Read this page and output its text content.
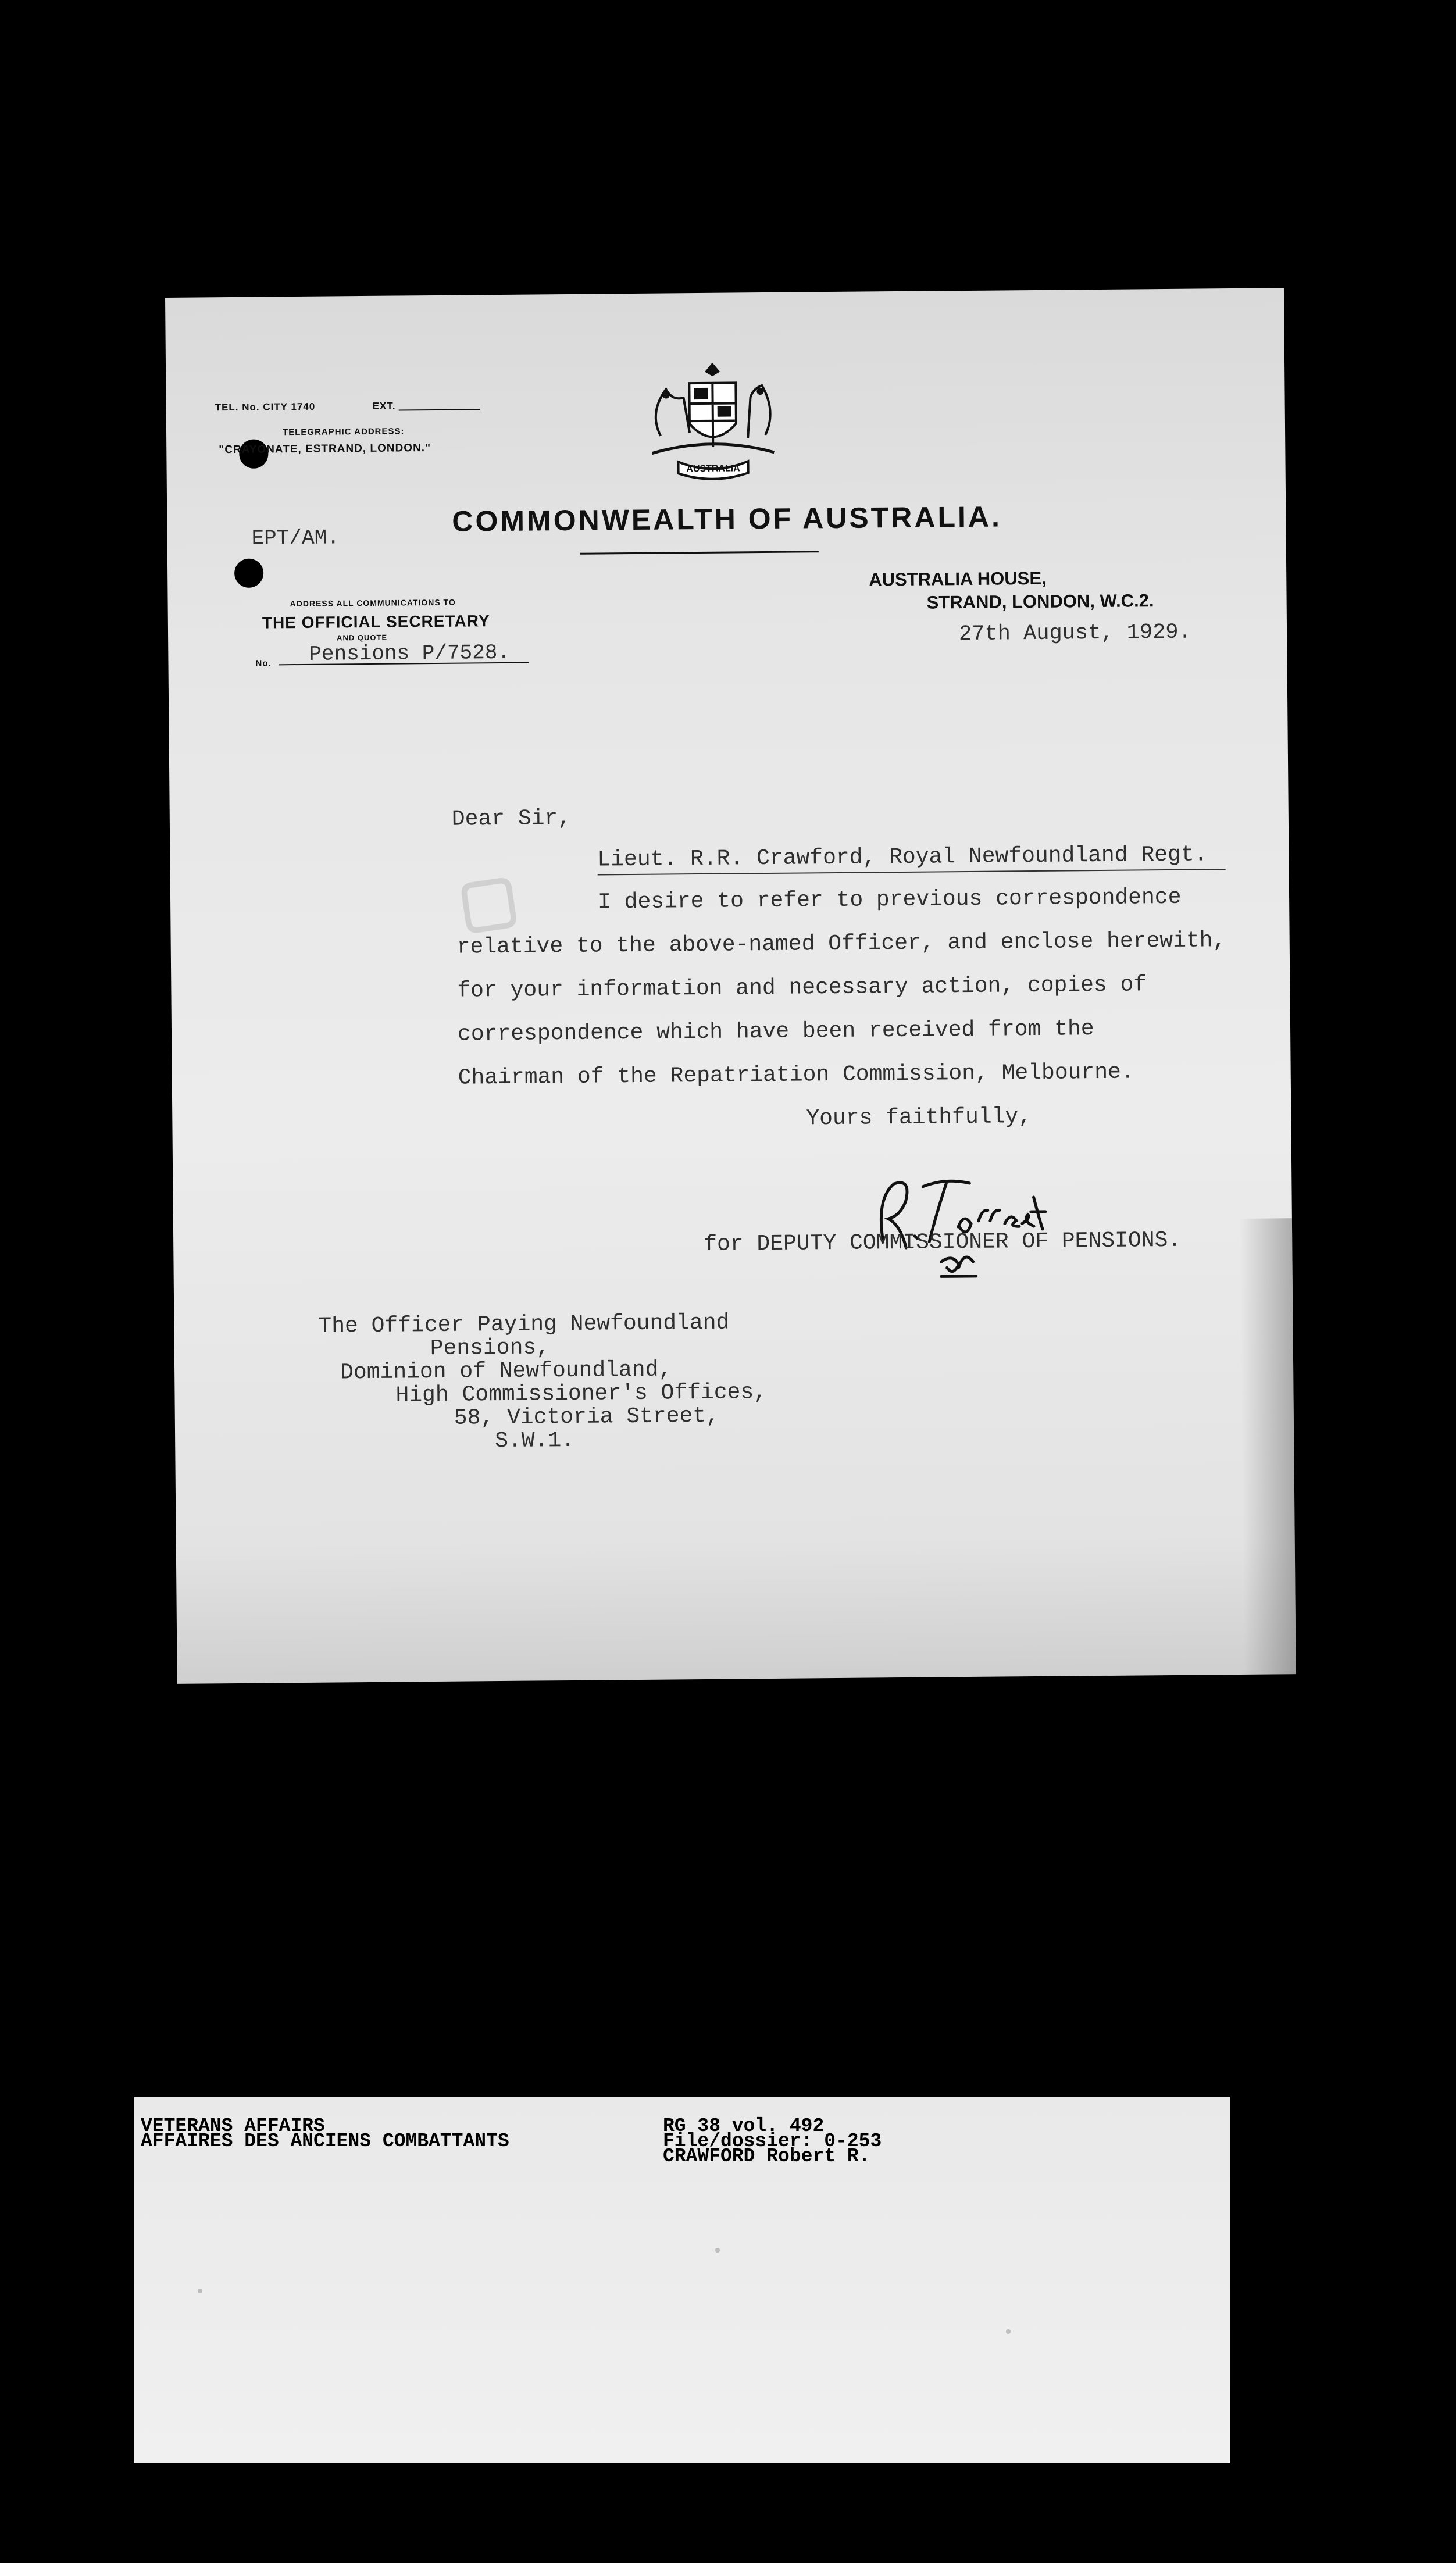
TEL. No. CITY 1740	EXT.
TELEGRAPHIC ADDRESS:
"CRAYONATE, ESTRAND, LONDON."
AUSTRALIA
COMMONWEALTH OF AUSTRALIA.
EPT/AM.
AUSTRALIA HOUSE,
STRAND, LONDON, W.C.2.
27th August, 1929.
ADDRESS ALL COMMUNICATIONS TO
THE OFFICIAL SECRETARY
AND QUOTE
No. Pensions P/7528.
▢
Dear Sir,
Lieut. R.R. Crawford, Royal Newfoundland Regt.
I desire to refer to previous correspondence
relative to the above-named Officer, and enclose herewith,
for your information and necessary action, copies of
correspondence which have been received from the
Chairman of the Repatriation Commission, Melbourne.
Yours faithfully,
for DEPUTY COMMISSIONER OF PENSIONS.
The Officer Paying Newfoundland
Pensions,
Dominion of Newfoundland,
High Commissioner's Offices,
58, Victoria Street,
S.W.1.
VETERANS AFFAIRS
AFFAIRES DES ANCIENS COMBATTANTS
RG 38 vol. 492
File/dossier: 0-253
CRAWFORD Robert R.
